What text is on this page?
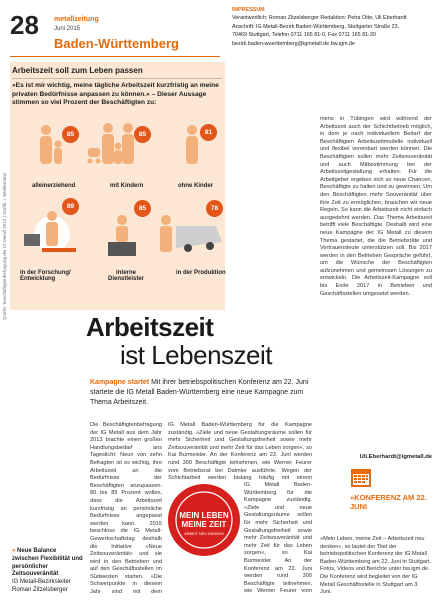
28 metallzeitung
Juni 2015
Baden-Württemberg
IMPRESSUM
Verantwortlich: Roman Zitzelsberger Redaktion: Petra Otte, Uli Eberhardt
Anschrift: IG Metall-Bezirk Baden-Württemberg, Stuttgarter Straße 23,
70469 Stuttgart, Telefon 0711 165 81-0, Fax 0711 165 81-30
bezirk.baden-wuerttemberg@igmetall.de bw.igm.de
Arbeitszeit soll zum Leben passen
»Es ist mir wichtig, meine tägliche Arbeitszeit kurzfristig an meine privaten Bedürfnisse anpassen zu können.« – Dieser Aussage stimmen so viel Prozent der Beschäftigten zu:
85	85	81
alleinerziehend	mit Kindern	ohne Kinder
89	85	78
in der Forschung/ Entwicklung
interne Dienstleister
in der Produktion
Quelle: Beschäftigtenbefragung der IG Metall 2013 | Grafik: I. Weidemann
Arbeitszeit
ist Lebenszeit
Kampagne startet Mit ihrer betriebspolitischen Konferenz am 22. Juni startete die IG Metall Baden-Württemberg eine neue Kampagne zum Thema Arbeitszeit.
Die Beschäftigtenbefragung der IG Metall aus dem Jahr 2013 brachte einen großen Handlungsbedarf ans Tageslicht: Neun von zehn Befragten ist es wichtig, ihre Arbeitszeit an die Bedürfnisse der Beschäftigten anzupassen. 80 bis 89 Prozent wollen, dass die Arbeitszeit kurzfristig an persönliche Bedürfnisse angepasst werden kann. 2015 beschloss die IG Metall-Gewerkschaftstag deshalb die Initiative »Neue Zeitsouveränität« und sie wird in den Betrieben und auf den Geschäftsstellen im Südwesten starten. »Die Schwerpunkte in diesem Jahr sind mit dem
IG Metall Baden-Württemberg für die Kampagne zuständig. »Ziele und neue Gestaltungsräume sollen für mehr Sicherheit und Gestaltungsfreiheit sowie mehr Zeitsouveränität und mehr Zeit für das Leben sorgen«, so Kai Burmeister. An der Konferenz am 22. Juni werden rund 300 Beschäftigte teilnehmen, wie Werner Feurer vom Betriebsrat bei Daimler ausführte. Wegen der Schichtarbeit werden bislang häufig mit einem
IG Metall Baden-Württemberg für die Kampagne zuständig. »Ziele und neue Gestaltungsräume sollen für mehr Sicherheit und Gestaltungsfreiheit sowie mehr Zeitsouveränität und mehr Zeit für das Leben sorgen«, so Kai Burmeister. An der Konferenz am 22. Juni werden rund 300 Beschäftigte teilnehmen, wie Werner Feurer vom
MEIN LEBEN
MEINE ZEIT
ARBEIT NEU DENKEN
» Neue Balance zwischen Flexibilität und persönlicher Zeitsouveränität
IG Metall-Bezirksleiter Roman Zitzelsberger
mens in Tübingen wird während der Arbeitszeit auch der Schichtbetrieb möglich, in dem je nach individuellem Bedarf der Beschäftigten Arbeitszeitmodelle individuell und flexibel vereinbart werden können. Die Beschäftigten sollen mehr Zeitsouveränität und auch Mitbestimmung bei der Arbeitszeitgestaltung erhalten. Für die Arbeitgeber ergeben sich so neue Chancen, Beschäftigte zu halten und zu gewinnen. Um den Beschäftigten mehr Souveränität über ihre Zeit zu ermöglichen, brauchen wir neue Regeln. So kann die Arbeitszeit nicht einfach ausgedehnt werden. Das Thema Arbeitszeit betrifft viele Beschäftigte. Deshalb wird eine neue Kampagne der IG Metall zu diesem Thema gestartet, die die Betriebsräte und Vertrauensleute unterstützen soll. Bis 2017 werden in den Betrieben Gespräche geführt, um die Wünsche der Beschäftigten aufzunehmen und gemeinsam Lösungen zu entwickeln. Die Arbeitszeit-Kampagne soll bis Ende 2017 in Betrieben und Geschäftsstellen umgesetzt werden.
Uli.Eberhardt@igmetall.de
»KONFERENZ AM 22. JUNI
»Mein Leben, meine Zeit – Arbeitszeit neu denken«, so lautet der Titel der betriebspolitischen Konferenz der IG Metall Baden-Württemberg am 22. Juni in Stuttgart. Fotos, Videos und Berichte unter bw.igm.de. Die Konferenz wird begleitet von der IG Metall Geschäftsstelle in Stuttgart am 3. Juni.
